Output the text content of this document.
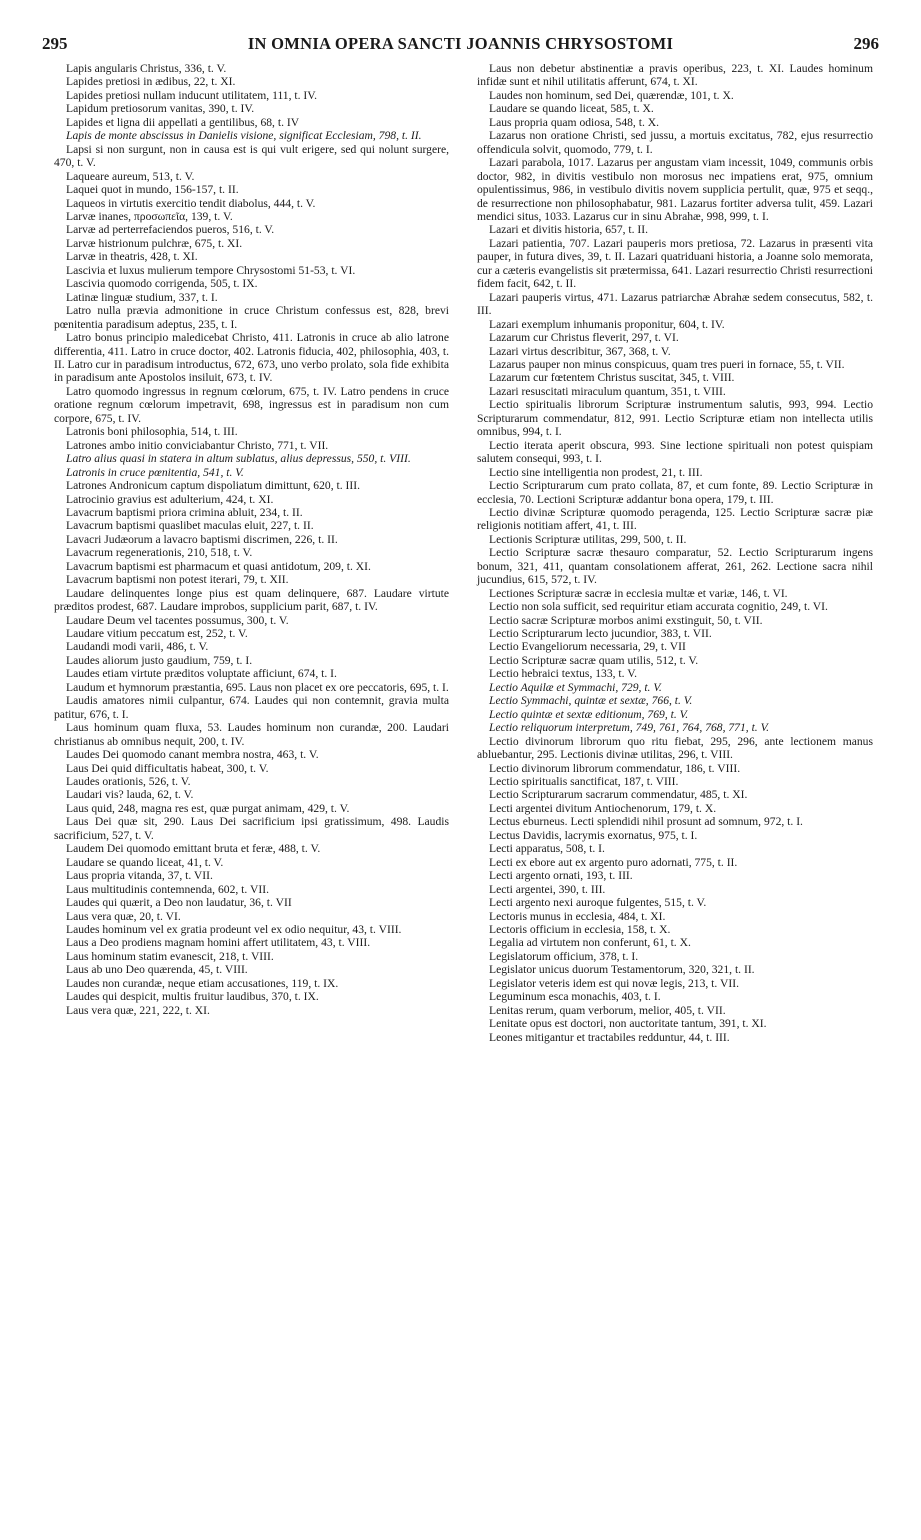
295	IN OMNIA OPERA SANCTI JOANNIS CHRYSOSTOMI	296

Lapis angularis Christus, 336, t. V.

Lapides pretiosi in ædibus, 22, t. XI.

Lapides pretiosi nullam inducunt utilitatem, 111, t. IV.

Lapidum pretiosorum vanitas, 390, t. IV.

Lapides et ligna dii appellati a gentilibus, 68, t. IV

Lapis de monte abscissus in Danielis visione, significat Ecclesiam, 798, t. II.

Lapsi si non surgunt, non in causa est is qui vult erigere, sed qui nolunt surgere, 470, t. V.

Laqueare aureum, 513, t. V.

Laquei quot in mundo, 156-157, t. II.

Laqueos in virtutis exercitio tendit diabolus, 444, t. V.

Larvæ inanes, προσωπεῖα, 139, t. V.

Larvæ ad perterrefaciendos pueros, 516, t. V.

Larvæ histrionum pulchræ, 675, t. XI.

Larvæ in theatris, 428, t. XI.

Lascivia et luxus mulierum tempore Chrysostomi 51-53, t. VI.

Lascivia quomodo corrigenda, 505, t. IX.

Latinæ linguæ studium, 337, t. I.

Latro nulla prævia admonitione in cruce Christum confessus est, 828, brevi pœnitentia paradisum adeptus, 235, t. I.

Latro bonus principio maledicebat Christo, 411. Latronis in cruce ab alio latrone differentia, 411. Latro in cruce doctor, 402. Latronis fiducia, 402, philosophia, 403, t. II. Latro cur in paradisum introductus, 672, 673, uno verbo prolato, sola fide exhibita in paradisum ante Apostolos insiluit, 673, t. IV.

Latro quomodo ingressus in regnum cœlorum, 675, t. IV. Latro pendens in cruce oratione regnum cœlorum impetravit, 698, ingressus est in paradisum non cum corpore, 675, t. IV.

Latronis boni philosophia, 514, t. III.

Latrones ambo initio conviciabantur Christo, 771, t. VII.

Latro alius quasi in statera in altum sublatus, alius depressus, 550, t. VIII.

Latronis in cruce pœnitentia, 541, t. V.

Latrones Andronicum captum dispoliatum dimittunt, 620, t. III.

Latrocinio gravius est adulterium, 424, t. XI.

Lavacrum baptismi priora crimina abluit, 234, t. II.

Lavacrum baptismi quaslibet maculas eluit, 227, t. II.

Lavacri Judæorum a lavacro baptismi discrimen, 226, t. II.

Lavacrum regenerationis, 210, 518, t. V.

Lavacrum baptismi est pharmacum et quasi antidotum, 209, t. XI.

Lavacrum baptismi non potest iterari, 79, t. XII.

Laudare delinquentes longe pius est quam delinquere, 687. Laudare virtute præditos prodest, 687. Laudare improbos, supplicium parit, 687, t. IV.

Laudare Deum vel tacentes possumus, 300, t. V.

Laudare vitium peccatum est, 252, t. V.

Laudandi modi varii, 486, t. V.

Laudes aliorum justo gaudium, 759, t. I.

Laudes etiam virtute præditos voluptate afficiunt, 674, t. I.

Laudum et hymnorum præstantia, 695. Laus non placet ex ore peccatoris, 695, t. I.

Laudis amatores nimii culpantur, 674. Laudes qui non contemnit, gravia multa patitur, 676, t. I.

Laus hominum quam fluxa, 53. Laudes hominum non curandæ, 200. Laudari christianus ab omnibus nequit, 200, t. IV.

Laudes Dei quomodo canant membra nostra, 463, t. V.

Laus Dei quid difficultatis habeat, 300, t. V.

Laudes orationis, 526, t. V.

Laudari vis? lauda, 62, t. V.

Laus quid, 248, magna res est, quæ purgat animam, 429, t. V.

Laus Dei quæ sit, 290. Laus Dei sacrificium ipsi gratissimum, 498. Laudis sacrificium, 527, t. V.

Laudem Dei quomodo emittant bruta et feræ, 488, t. V.

Laudare se quando liceat, 41, t. V.

Laus propria vitanda, 37, t. VII.

Laus multitudinis contemnenda, 602, t. VII.

Laudes qui quærit, a Deo non laudatur, 36, t. VII

Laus vera quæ, 20, t. VI.

Laudes hominum vel ex gratia prodeunt vel ex odio nequitur, 43, t. VIII.

Laus a Deo prodiens magnam homini affert utilitatem, 43, t. VIII.

Laus hominum statim evanescit, 218, t. VIII.

Laus ab uno Deo quærenda, 45, t. VIII.

Laudes non curandæ, neque etiam accusationes, 119, t. IX.

Laudes qui despicit, multis fruitur laudibus, 370, t. IX.

Laus vera quæ, 221, 222, t. XI.

Laus non debetur abstinentiæ a pravis operibus, 223, t. XI. Laudes hominum infidæ sunt et nihil utilitatis afferunt, 674, t. XI.

Laudes non hominum, sed Dei, quærendæ, 101, t. X.

Laudare se quando liceat, 585, t. X.

Laus propria quam odiosa, 548, t. X.

Lazarus non oratione Christi, sed jussu, a mortuis excitatus, 782, ejus resurrectio offendicula solvit, quomodo, 779, t. I.

Lazari parabola, 1017. Lazarus per angustam viam incessit, 1049, communis orbis doctor, 982, in divitis vestibulo non morosus nec impatiens erat, 975, omnium opulentissimus, 986, in vestibulo divitis novem supplicia pertulit, quæ, 975 et seqq., de resurrectione non philosophabatur, 981. Lazarus fortiter adversa tulit, 459. Lazari mendici situs, 1033. Lazarus cur in sinu Abrahæ, 998, 999, t. I.

Lazari et divitis historia, 657, t. II.

Lazari patientia, 707. Lazari pauperis mors pretiosa, 72. Lazarus in præsenti vita pauper, in futura dives, 39, t. II. Lazari quatriduani historia, a Joanne solo memorata, cur a cæteris evangelistis sit prætermissa, 641. Lazari resurrectio Christi resurrectioni fidem facit, 642, t. II.

Lazari pauperis virtus, 471. Lazarus patriarchæ Abrahæ sedem consecutus, 582, t. III.

Lazari exemplum inhumanis proponitur, 604, t. IV.

Lazarum cur Christus fleverit, 297, t. VI.

Lazari virtus describitur, 367, 368, t. V.

Lazarus pauper non minus conspicuus, quam tres pueri in fornace, 55, t. VII.

Lazarum cur fœtentem Christus suscitat, 345, t. VIII.

Lazari resuscitati miraculum quantum, 351, t. VIII.

Lectio spiritualis librorum Scripturæ instrumentum salutis, 993, 994. Lectio Scripturarum commendatur, 812, 991. Lectio Scripturæ etiam non intellecta utilis omnibus, 994, t. I.

Lectio iterata aperit obscura, 993. Sine lectione spirituali non potest quispiam salutem consequi, 993, t. I.

Lectio sine intelligentia non prodest, 21, t. III.

Lectio Scripturarum cum prato collata, 87, et cum fonte, 89. Lectio Scripturæ in ecclesia, 70. Lectioni Scripturæ addantur bona opera, 179, t. III.

Lectio divinæ Scripturæ quomodo peragenda, 125. Lectio Scripturæ sacræ piæ religionis notitiam affert, 41, t. III.

Lectionis Scripturæ utilitas, 299, 500, t. II.

Lectio Scripturæ sacræ thesauro comparatur, 52. Lectio Scripturarum ingens bonum, 321, 411, quantam consolationem afferat, 261, 262. Lectione sacra nihil jucundius, 615, 572, t. IV.

Lectiones Scripturæ sacræ in ecclesia multæ et variæ, 146, t. VI.

Lectio non sola sufficit, sed requiritur etiam accurata cognitio, 249, t. VI.

Lectio sacræ Scripturæ morbos animi exstinguit, 50, t. VII.

Lectio Scripturarum lecto jucundior, 383, t. VII.

Lectio Evangeliorum necessaria, 29, t. VII

Lectio Scripturæ sacræ quam utilis, 512, t. V.

Lectio hebraici textus, 133, t. V.

Lectio Aquilæ et Symmachi, 729, t. V.

Lectio Symmachi, quintæ et sextæ, 766, t. V.

Lectio quintæ et sextæ editionum, 769, t. V.

Lectio reliquorum interpretum, 749, 761, 764, 768, 771, t. V.

Lectio divinorum librorum quo ritu fiebat, 295, 296, ante lectionem manus abluebantur, 295. Lectionis divinæ utilitas, 296, t. VIII.

Lectio divinorum librorum commendatur, 186, t. VIII.

Lectio spiritualis sanctificat, 187, t. VIII.

Lectio Scripturarum sacrarum commendatur, 485, t. XI.

Lecti argentei divitum Antiochenorum, 179, t. X.

Lectus eburneus. Lecti splendidi nihil prosunt ad somnum, 972, t. I.

Lectus Davidis, lacrymis exornatus, 975, t. I.

Lecti apparatus, 508, t. I.

Lecti ex ebore aut ex argento puro adornati, 775, t. II.

Lecti argento ornati, 193, t. III.

Lecti argentei, 390, t. III.

Lecti argento nexi auroque fulgentes, 515, t. V.

Lectoris munus in ecclesia, 484, t. XI.

Lectoris officium in ecclesia, 158, t. X.

Legalia ad virtutem non conferunt, 61, t. X.

Legislatorum officium, 378, t. I.

Legislator unicus duorum Testamentorum, 320, 321, t. II.

Legislator veteris idem est qui novæ legis, 213, t. VII.

Leguminum esca monachis, 403, t. I.

Lenitas rerum, quam verborum, melior, 405, t. VII.

Lenitate opus est doctori, non auctoritate tantum, 391, t. XI.

Leones mitigantur et tractabiles redduntur, 44, t. III.
